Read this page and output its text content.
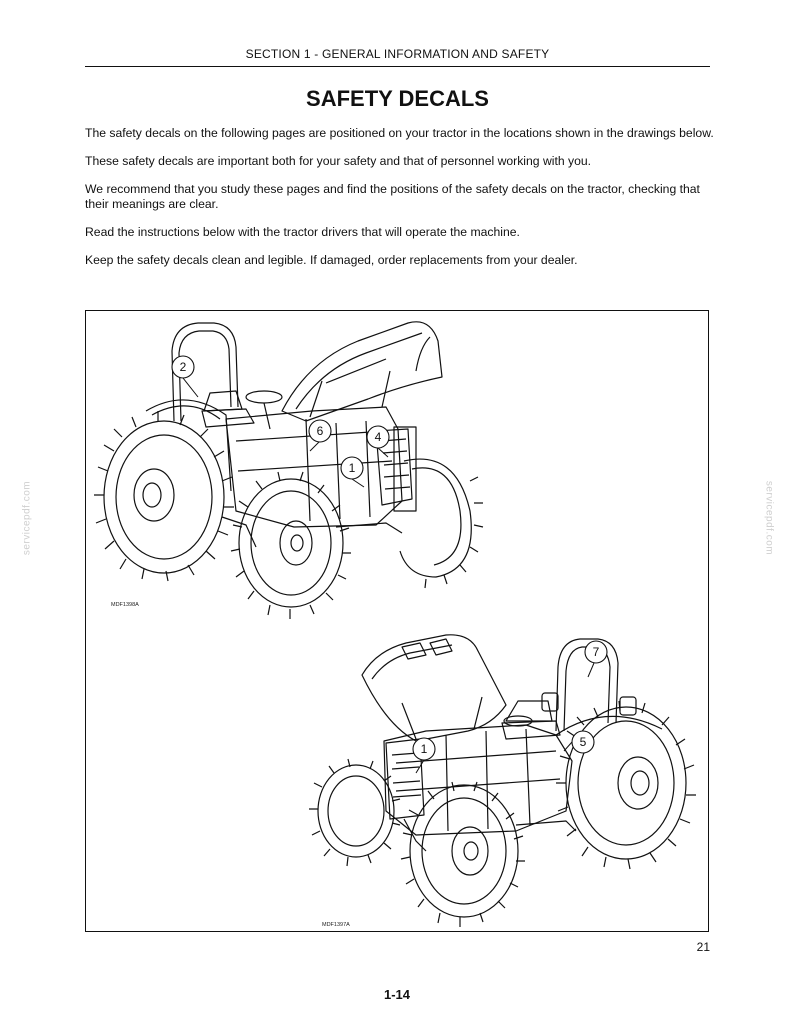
SECTION 1 - GENERAL INFORMATION AND SAFETY
SAFETY DECALS

The safety decals on the following pages are positioned on your tractor in the locations shown in the drawings below.

These safety decals are important both for your safety and that of personnel working with you.

We recommend that you study these pages and find the positions of the safety decals on the tractor, checking that their meanings are clear.

Read the instructions below with the tractor drivers that will operate the machine.

Keep the safety decals clean and legible. If damaged, order replacements from your dealer.

2
6	4
1
7
1	5
MDF1398A
MDF1397A
21
1-14
servicepdf.com	servicepdf.com
